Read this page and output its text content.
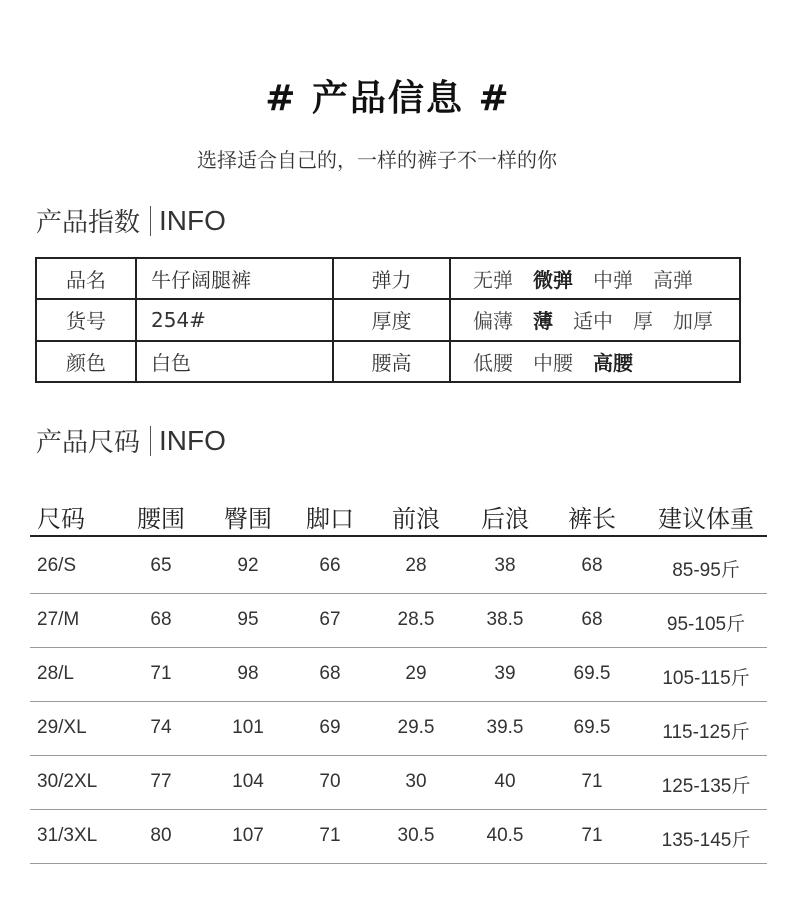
# 产品信息 #
选择适合自己的，一样的裤子不一样的你
产品指数 INFO
品名	牛仔阔腿裤	弹力	无弹 微弹 中弹 高弹
货号	254#	厚度	偏薄 薄 适中 厚 加厚
颜色	白色	腰高	低腰 中腰 高腰
产品尺码 INFO
尺码 腰围 臀围 脚口 前浪 后浪 裤长 建议体重
26/S	65	92	66	28	38	68	85-95斤
27/M	68	95	67	28.5	38.5	68	95-105斤
28/L	71	98	68	29	39	69.5	105-115斤
29/XL	74	101	69	29.5	39.5	69.5	115-125斤
30/2XL	77	104	70	30	40	71	125-135斤
31/3XL	80	107	71	30.5	40.5	71	135-145斤
